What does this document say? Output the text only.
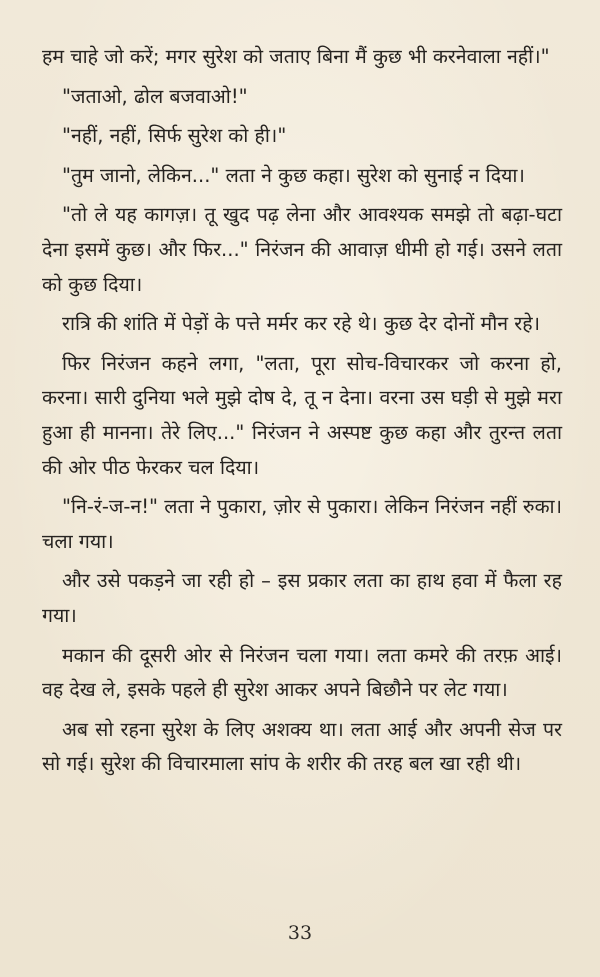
हम चाहे जो करें; मगर सुरेश को जताए बिना मैं कुछ भी करनेवाला नहीं।"

"जताओ, ढोल बजवाओ!"

"नहीं, नहीं, सिर्फ सुरेश को ही।"

"तुम जानो, लेकिन..." लता ने कुछ कहा। सुरेश को सुनाई न दिया।

"तो ले यह कागज़। तू खुद पढ़ लेना और आवश्यक समझे तो बढ़ा-घटा देना इसमें कुछ। और फिर..." निरंजन की आवाज़ धीमी हो गई। उसने लता को कुछ दिया।

रात्रि की शांति में पेड़ों के पत्ते मर्मर कर रहे थे। कुछ देर दोनों मौन रहे।

फिर निरंजन कहने लगा, "लता, पूरा सोच-विचारकर जो करना हो, करना। सारी दुनिया भले मुझे दोष दे, तू न देना। वरना उस घड़ी से मुझे मरा हुआ ही मानना। तेरे लिए..." निरंजन ने अस्पष्ट कुछ कहा और तुरन्त लता की ओर पीठ फेरकर चल दिया।

"नि-रं-ज-न!" लता ने पुकारा, ज़ोर से पुकारा। लेकिन निरंजन नहीं रुका। चला गया।

और उसे पकड़ने जा रही हो – इस प्रकार लता का हाथ हवा में फैला रह गया।

मकान की दूसरी ओर से निरंजन चला गया। लता कमरे की तरफ़ आई। वह देख ले, इसके पहले ही सुरेश आकर अपने बिछौने पर लेट गया।

अब सो रहना सुरेश के लिए अशक्य था। लता आई और अपनी सेज पर सो गई। सुरेश की विचारमाला सांप के शरीर की तरह बल खा रही थी।

33
